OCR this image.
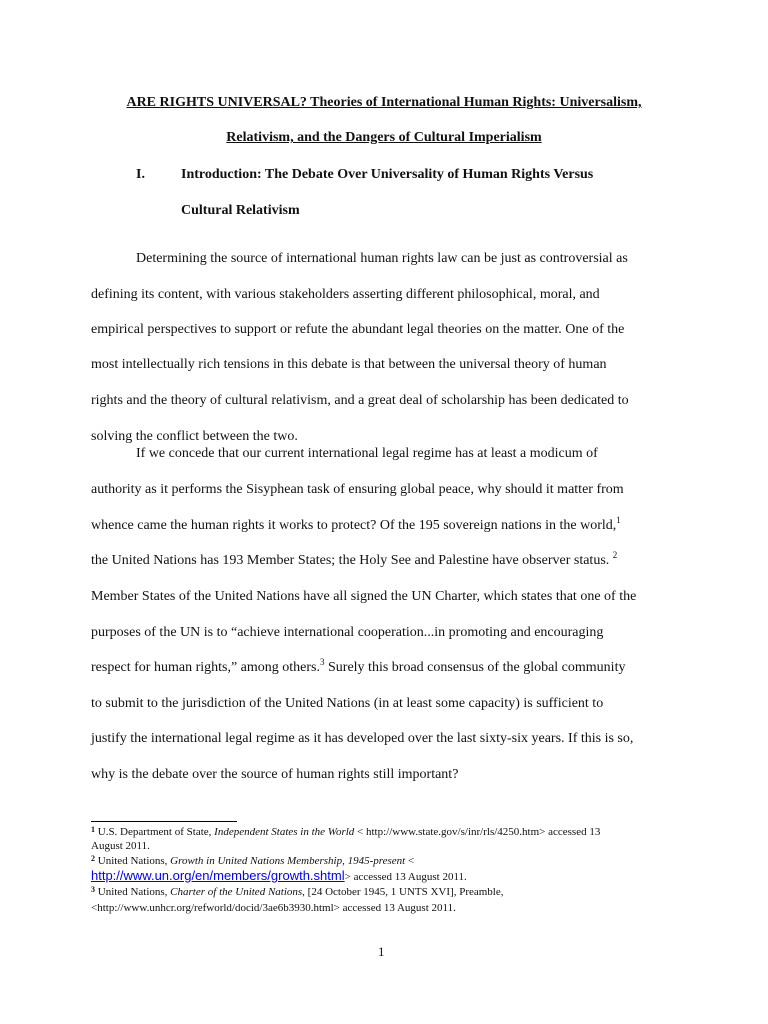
ARE RIGHTS UNIVERSAL? Theories of International Human Rights: Universalism,
Relativism, and the Dangers of Cultural Imperialism
I.	Introduction: The Debate Over Universality of Human Rights Versus
Cultural Relativism
Determining the source of international human rights law can be just as controversial as
defining its content, with various stakeholders asserting different philosophical, moral, and
empirical perspectives to support or refute the abundant legal theories on the matter. One of the
most intellectually rich tensions in this debate is that between the universal theory of human
rights and the theory of cultural relativism, and a great deal of scholarship has been dedicated to
solving the conflict between the two.
If we concede that our current international legal regime has at least a modicum of
authority as it performs the Sisyphean task of ensuring global peace, why should it matter from
whence came the human rights it works to protect? Of the 195 sovereign nations in the world,$^1$
the United Nations has 193 Member States; the Holy See and Palestine have observer status. $^2$
Member States of the United Nations have all signed the UN Charter, which states that one of the
purposes of the UN is to “achieve international cooperation...in promoting and encouraging
respect for human rights,” among others.$^3$ Surely this broad consensus of the global community
to submit to the jurisdiction of the United Nations (in at least some capacity) is sufficient to
justify the international legal regime as it has developed over the last sixty-six years. If this is so,
why is the debate over the source of human rights still important?
$^1$ U.S. Department of State, Independent States in the World < http://www.state.gov/s/inr/rls/4250.htm> accessed 13
August 2011.
$^2$ United Nations, Growth in United Nations Membership, 1945-present <
http://www.un.org/en/members/growth.shtml> accessed 13 August 2011.
$^3$ United Nations, Charter of the United Nations, [24 October 1945, 1 UNTS XVI], Preamble,
<http://www.unhcr.org/refworld/docid/3ae6b3930.html> accessed 13 August 2011.
1
